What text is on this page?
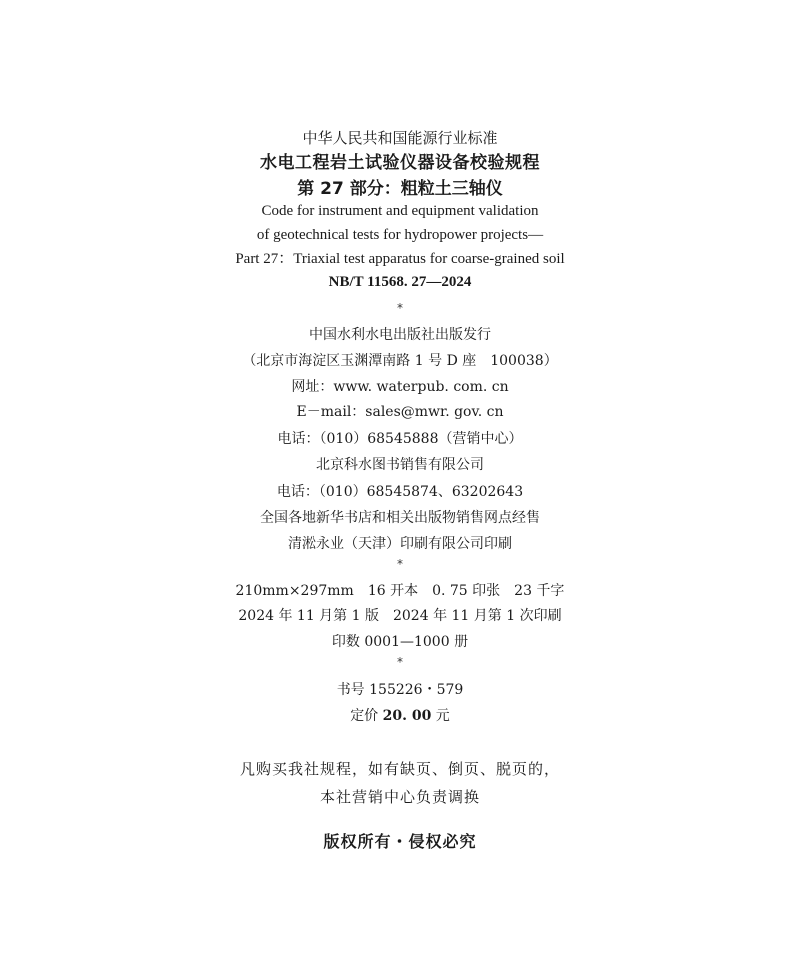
中华人民共和国能源行业标准
水电工程岩土试验仪器设备校验规程
第 27 部分：粗粒土三轴仪
Code for instrument and equipment validation
of geotechnical tests for hydropower projects—
Part 27：Triaxial test apparatus for coarse-grained soil
NB/T 11568. 27—2024
*
中国水利水电出版社出版发行
（北京市海淀区玉渊潭南路 1 号 D 座　100038）
网址：www. waterpub. com. cn
E－mail：sales@mwr. gov. cn
电话：（010）68545888（营销中心）
北京科水图书销售有限公司
电话：（010）68545874、63202643
全国各地新华书店和相关出版物销售网点经售
清淞永业（天津）印刷有限公司印刷
*
210mm×297mm　16 开本　0. 75 印张　23 千字
2024 年 11 月第 1 版　2024 年 11 月第 1 次印刷
印数 0001—1000 册
*
书号 155226・579
定价 20. 00 元
凡购买我社规程，如有缺页、倒页、脱页的，
本社营销中心负责调换
版权所有・侵权必究
